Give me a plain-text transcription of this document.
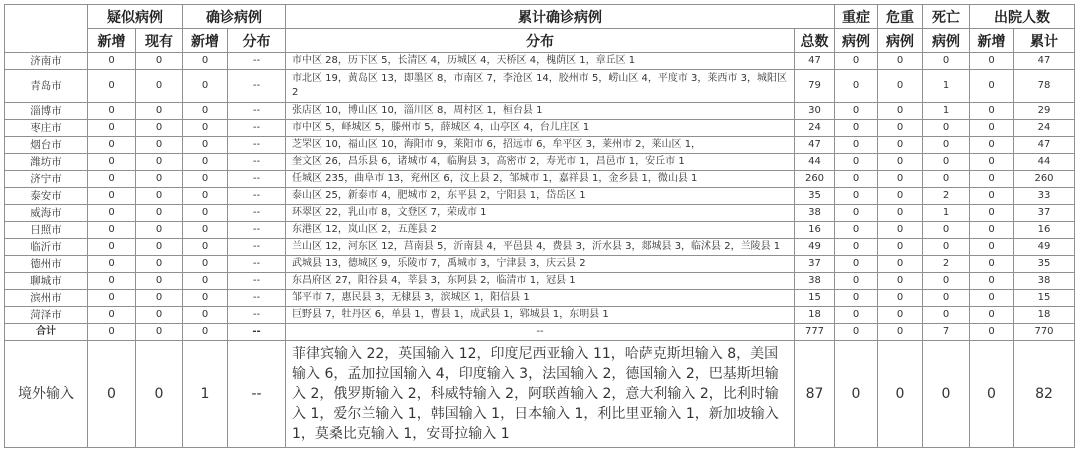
	疑似病例		确诊病例		累计确诊病例		重症	危重	死亡	出院人数	
	新增	现有	新增	分布	分布	总数	病例	病例	病例	新增	累计
济南市	0	0	0	--	市中区 28，历下区 5，长清区 4，历城区 4，天桥区 4，槐荫区 1，章丘区 1	47	0	0	0	0	47
青岛市	0	0	0	--	市北区 19，黄岛区 13，即墨区 8，市南区 7，李沧区 14，胶州市 5，崂山区 4，平度市 3，莱西市 3，城阳区 2	79	0	0	1	0	78
淄博市	0	0	0	--	张店区 10，博山区 10，淄川区 8，周村区 1，桓台县 1	30	0	0	1	0	29
枣庄市	0	0	0	--	市中区 5，峄城区 5，滕州市 5，薛城区 4，山亭区 4，台儿庄区 1	24	0	0	0	0	24
烟台市	0	0	0	--	芝罘区 10，福山区 10，海阳市 9，莱阳市 6，招远市 6，牟平区 3，莱州市 2，莱山区 1，	47	0	0	0	0	47
潍坊市	0	0	0	--	奎文区 26，昌乐县 6，诸城市 4，临朐县 3，高密市 2，寿光市 1，昌邑市 1，安丘市 1	44	0	0	0	0	44
济宁市	0	0	0	--	任城区 235，曲阜市 13，兖州区 6，汶上县 2，邹城市 1，嘉祥县 1，金乡县 1，微山县 1	260	0	0	0	0	260
泰安市	0	0	0	--	泰山区 25，新泰市 4，肥城市 2，东平县 2，宁阳县 1，岱岳区 1	35	0	0	2	0	33
威海市	0	0	0	--	环翠区 22，乳山市 8，文登区 7，荣成市 1	38	0	0	1	0	37
日照市	0	0	0	--	东港区 12，岚山区 2，五莲县 2	16	0	0	0	0	16
临沂市	0	0	0	--	兰山区 12，河东区 12，莒南县 5，沂南县 4，平邑县 4，费县 3，沂水县 3，郯城县 3，临沭县 2，兰陵县 1	49	0	0	0	0	49
德州市	0	0	0	--	武城县 13，德城区 9，乐陵市 7，禹城市 3，宁津县 3，庆云县 2	37	0	0	2	0	35
聊城市	0	0	0	--	东昌府区 27，阳谷县 4，莘县 3，东阿县 2，临清市 1，冠县 1	38	0	0	0	0	38
滨州市	0	0	0	--	邹平市 7，惠民县 3，无棣县 3，滨城区 1，阳信县 1	15	0	0	0	0	15
菏泽市	0	0	0	--	巨野县 7，牡丹区 6，单县 1，曹县 1，成武县 1，郓城县 1，东明县 1	18	0	0	0	0	18
合计	0	0	0	--	--	777	0	0	7	0	770
境外输入	0	0	1	--	菲律宾输入 22，英国输入 12，印度尼西亚输入 11，哈萨克斯坦输入 8，美国输入 6，孟加拉国输入 4，印度输入 3，法国输入 2，德国输入 2，巴基斯坦输入 2，俄罗斯输入 2，科威特输入 2，阿联酋输入 2，意大利输入 2，比利时输入 1，爱尔兰输入 1，韩国输入 1，日本输入 1，利比里亚输入 1，新加坡输入 1，莫桑比克输入 1，安哥拉输入 1	87	0	0	0	0	82
